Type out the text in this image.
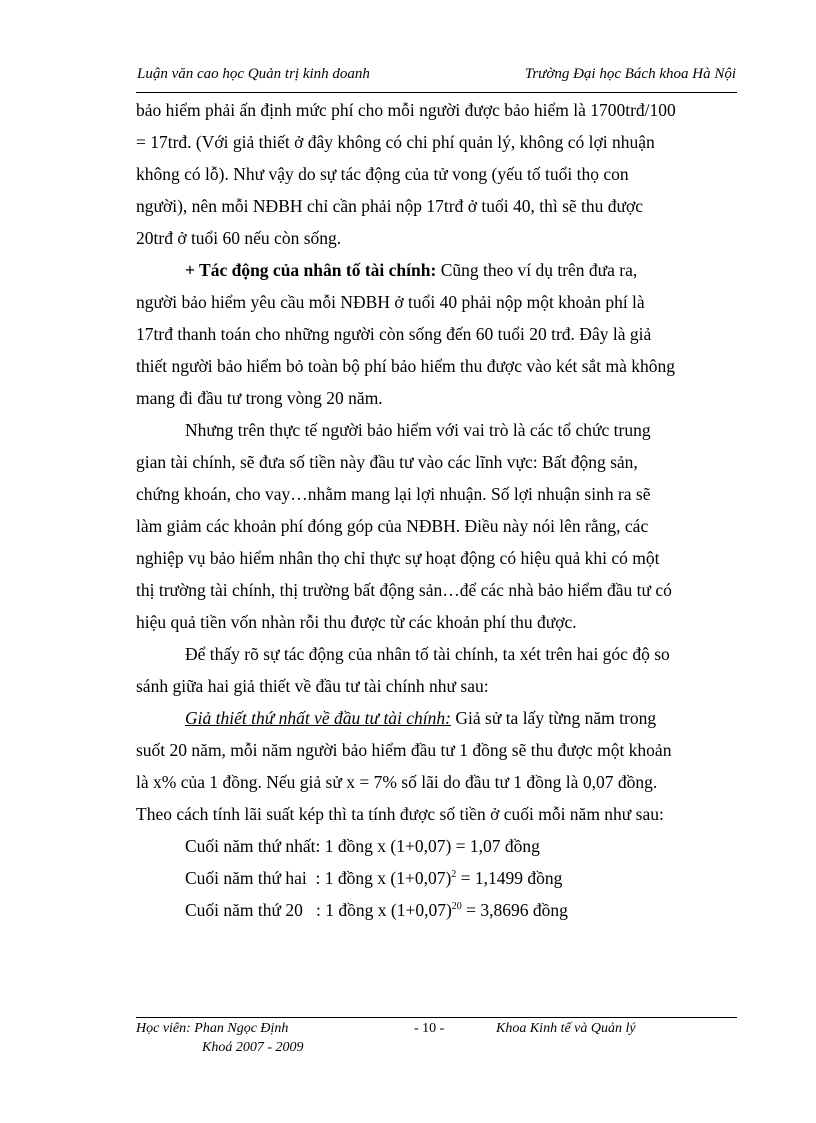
Luận văn cao học Quản trị kinh doanh	Trường Đại học Bách khoa Hà Nội
bảo hiểm phải ấn định mức phí cho mỗi người được bảo hiểm là 1700trđ/100
= 17trđ. (Với giả thiết ở đây không có chi phí quản lý, không có lợi nhuận
không có lỗ). Như vậy do sự tác động của tử vong (yếu tố tuổi thọ con
người), nên mỗi NĐBH chỉ cần phải nộp 17trđ ở tuổi 40, thì sẽ thu được
20trđ ở tuổi 60 nếu còn sống.
+ Tác động của nhân tố tài chính: Cũng theo ví dụ trên đưa ra,
người bảo hiểm yêu cầu mỗi NĐBH ở tuổi 40 phải nộp một khoản phí là
17trđ thanh toán cho những người còn sống đến 60 tuổi 20 trđ. Đây là giả
thiết người bảo hiểm bỏ toàn bộ phí bảo hiểm thu được vào két sắt mà không
mang đi đầu tư trong vòng 20 năm.
Nhưng trên thực tế người bảo hiểm với vai trò là các tổ chức trung
gian tài chính, sẽ đưa số tiền này đầu tư vào các lĩnh vực: Bất động sản,
chứng khoán, cho vay…nhằm mang lại lợi nhuận. Số lợi nhuận sinh ra sẽ
làm giảm các khoản phí đóng góp của NĐBH. Điều này nói lên rằng, các
nghiệp vụ bảo hiểm nhân thọ chỉ thực sự hoạt động có hiệu quả khi có một
thị trường tài chính, thị trường bất động sản…để các nhà bảo hiểm đầu tư có
hiệu quả tiền vốn nhàn rỗi thu được từ các khoản phí thu được.
Để thấy rõ sự tác động của nhân tố tài chính, ta xét trên hai góc độ so
sánh giữa hai giả thiết về đầu tư tài chính như sau:
Giả thiết thứ nhất về đầu tư tài chính: Giả sử ta lấy từng năm trong
suốt 20 năm, mỗi năm người bảo hiểm đầu tư 1 đồng sẽ thu được một khoản
là x% của 1 đồng. Nếu giả sử x = 7% số lãi do đầu tư 1 đồng là 0,07 đồng.
Theo cách tính lãi suất kép thì ta tính được số tiền ở cuối mỗi năm như sau:
Cuối năm thứ nhất: 1 đồng x (1+0,07) = 1,07 đồng
Cuối năm thứ hai  : 1 đồng x $(1+0,07)^2 = 1,1499$ đồng
Cuối năm thứ 20   : 1 đồng x $(1+0,07)^{20} = 3,8696$ đồng
Học viên: Phan Ngọc Định
Khoá 2007 - 2009
- 10 -	Khoa Kinh tế và Quản lý
